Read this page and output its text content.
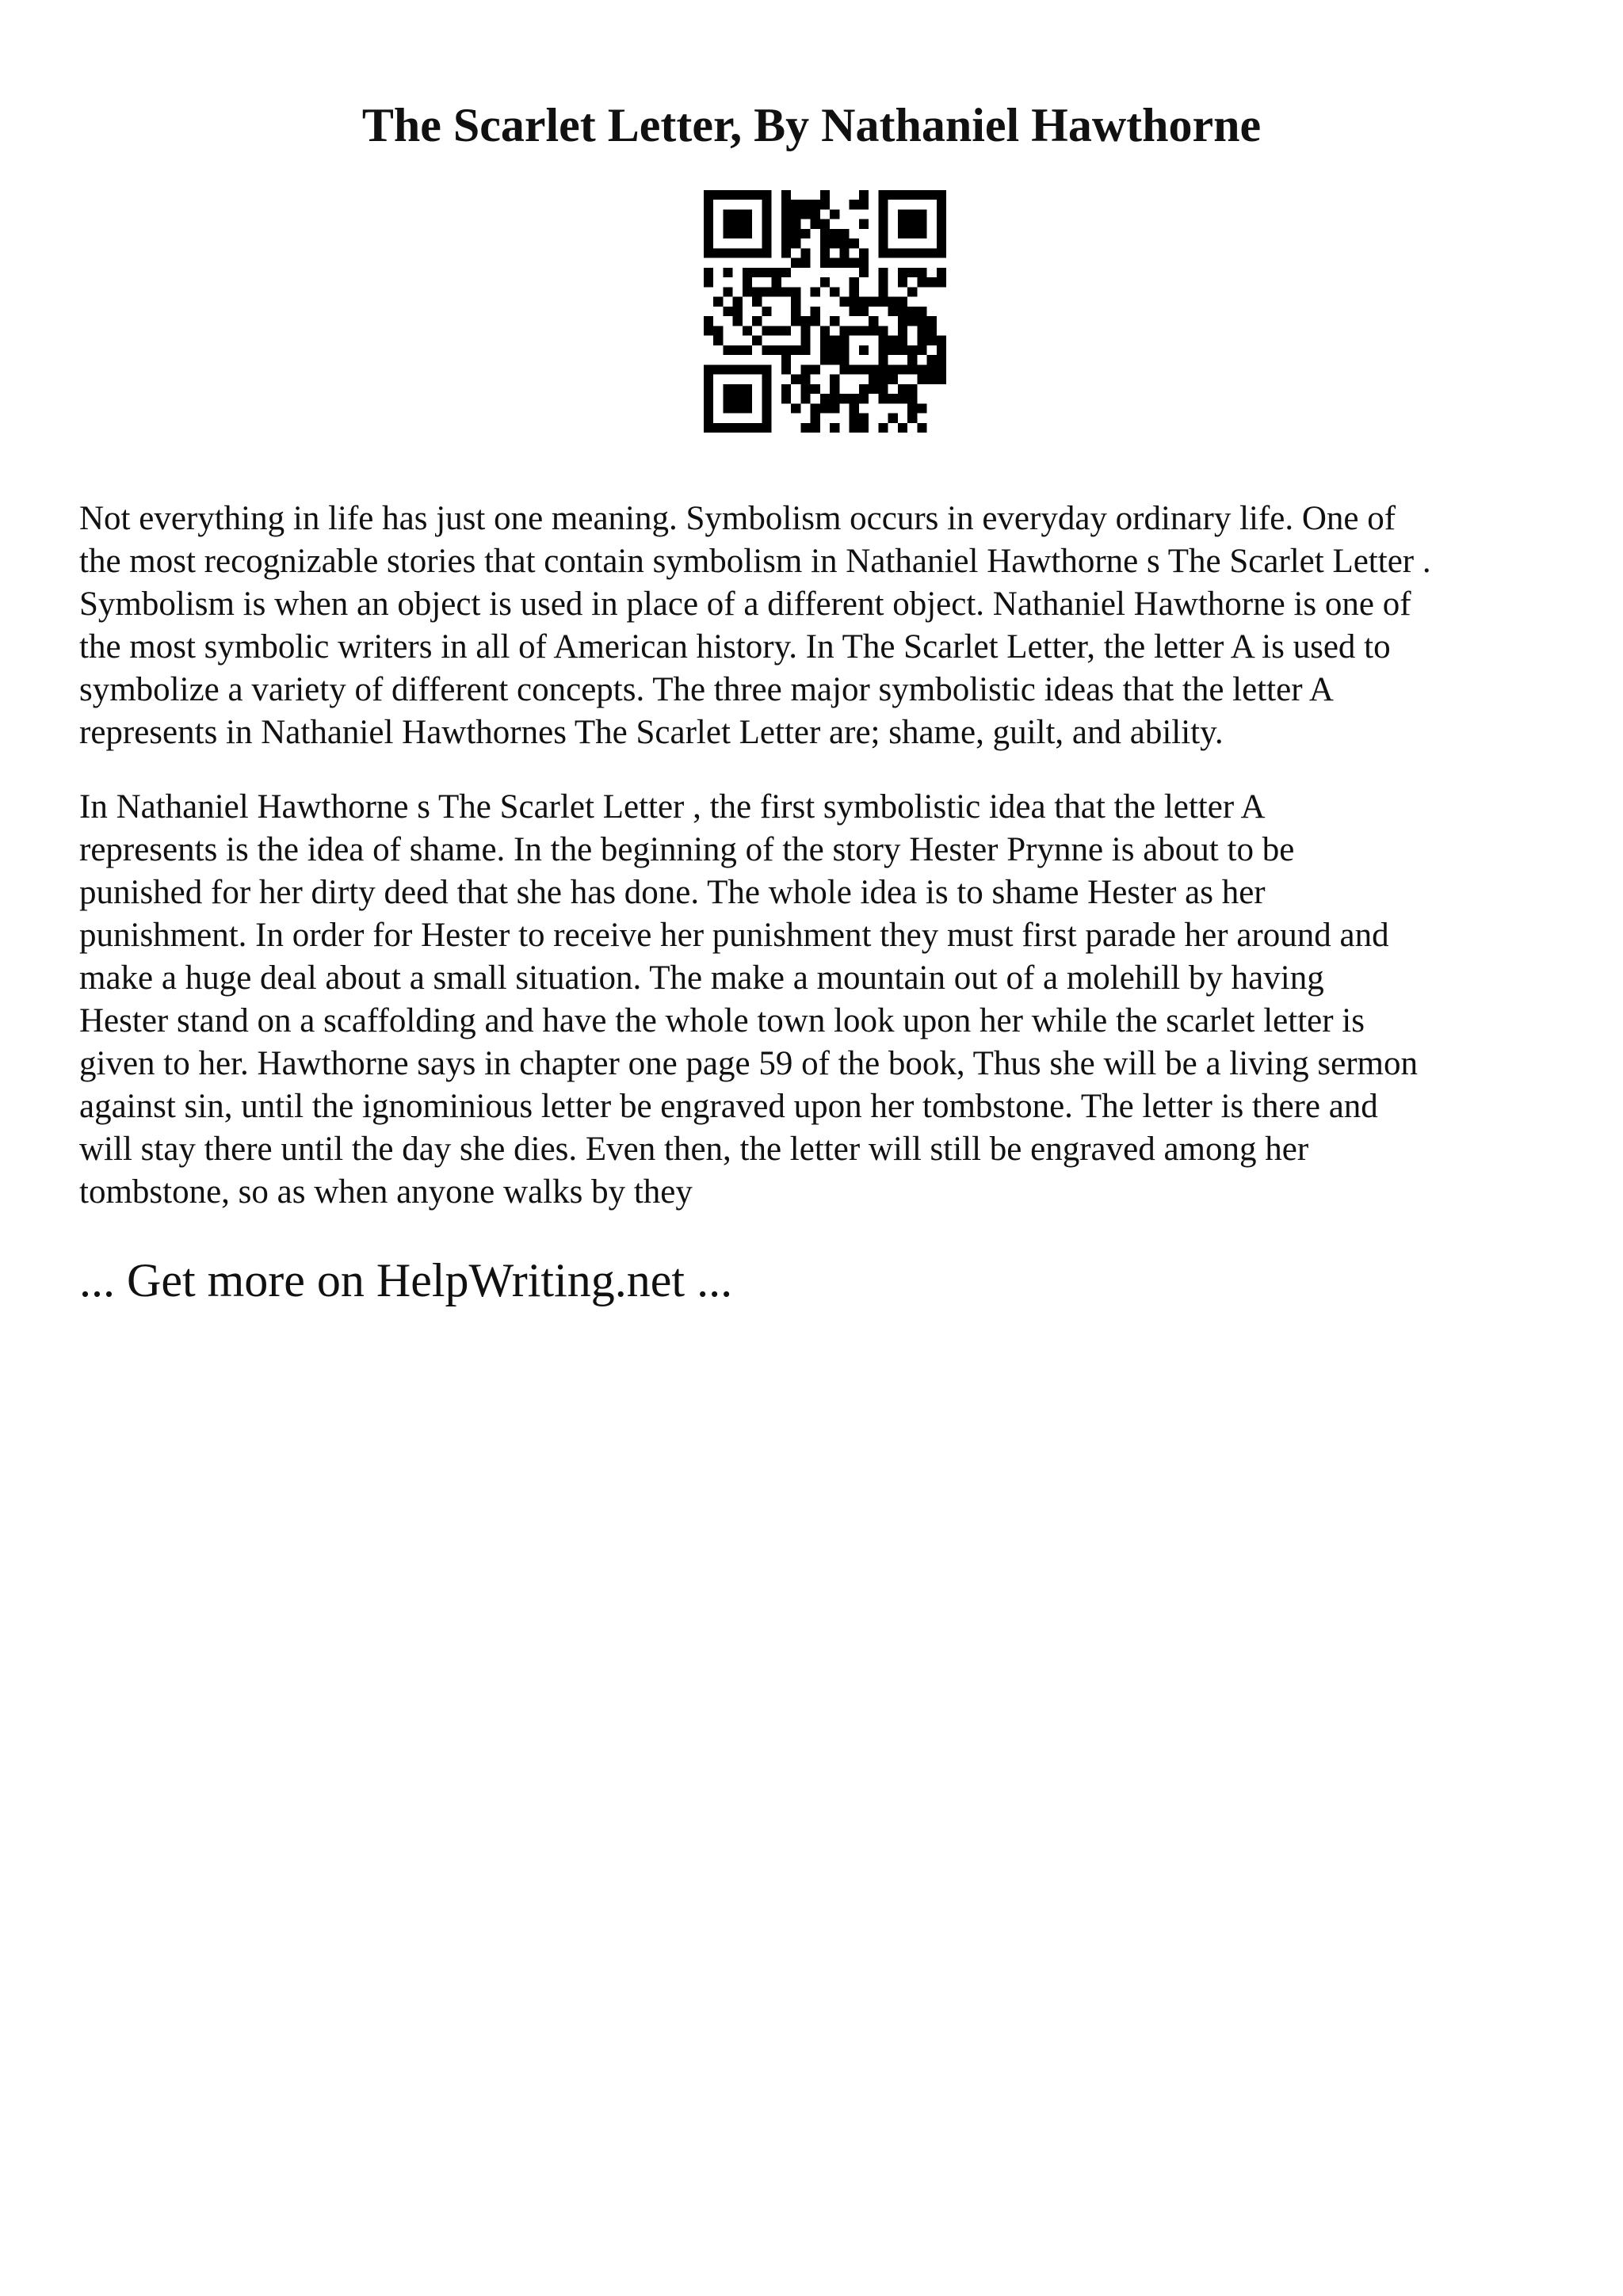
The Scarlet Letter, By Nathaniel Hawthorne

Not everything in life has just one meaning. Symbolism occurs in everyday ordinary life. One of
the most recognizable stories that contain symbolism in Nathaniel Hawthorne s The Scarlet Letter .
Symbolism is when an object is used in place of a different object. Nathaniel Hawthorne is one of
the most symbolic writers in all of American history. In The Scarlet Letter, the letter A is used to
symbolize a variety of different concepts. The three major symbolistic ideas that the letter A
represents in Nathaniel Hawthornes The Scarlet Letter are; shame, guilt, and ability.

In Nathaniel Hawthorne s The Scarlet Letter , the first symbolistic idea that the letter A
represents is the idea of shame. In the beginning of the story Hester Prynne is about to be
punished for her dirty deed that she has done. The whole idea is to shame Hester as her
punishment. In order for Hester to receive her punishment they must first parade her around and
make a huge deal about a small situation. The make a mountain out of a molehill by having
Hester stand on a scaffolding and have the whole town look upon her while the scarlet letter is
given to her. Hawthorne says in chapter one page 59 of the book, Thus she will be a living sermon
against sin, until the ignominious letter be engraved upon her tombstone. The letter is there and
will stay there until the day she dies. Even then, the letter will still be engraved among her
tombstone, so as when anyone walks by they

... Get more on HelpWriting.net ...
